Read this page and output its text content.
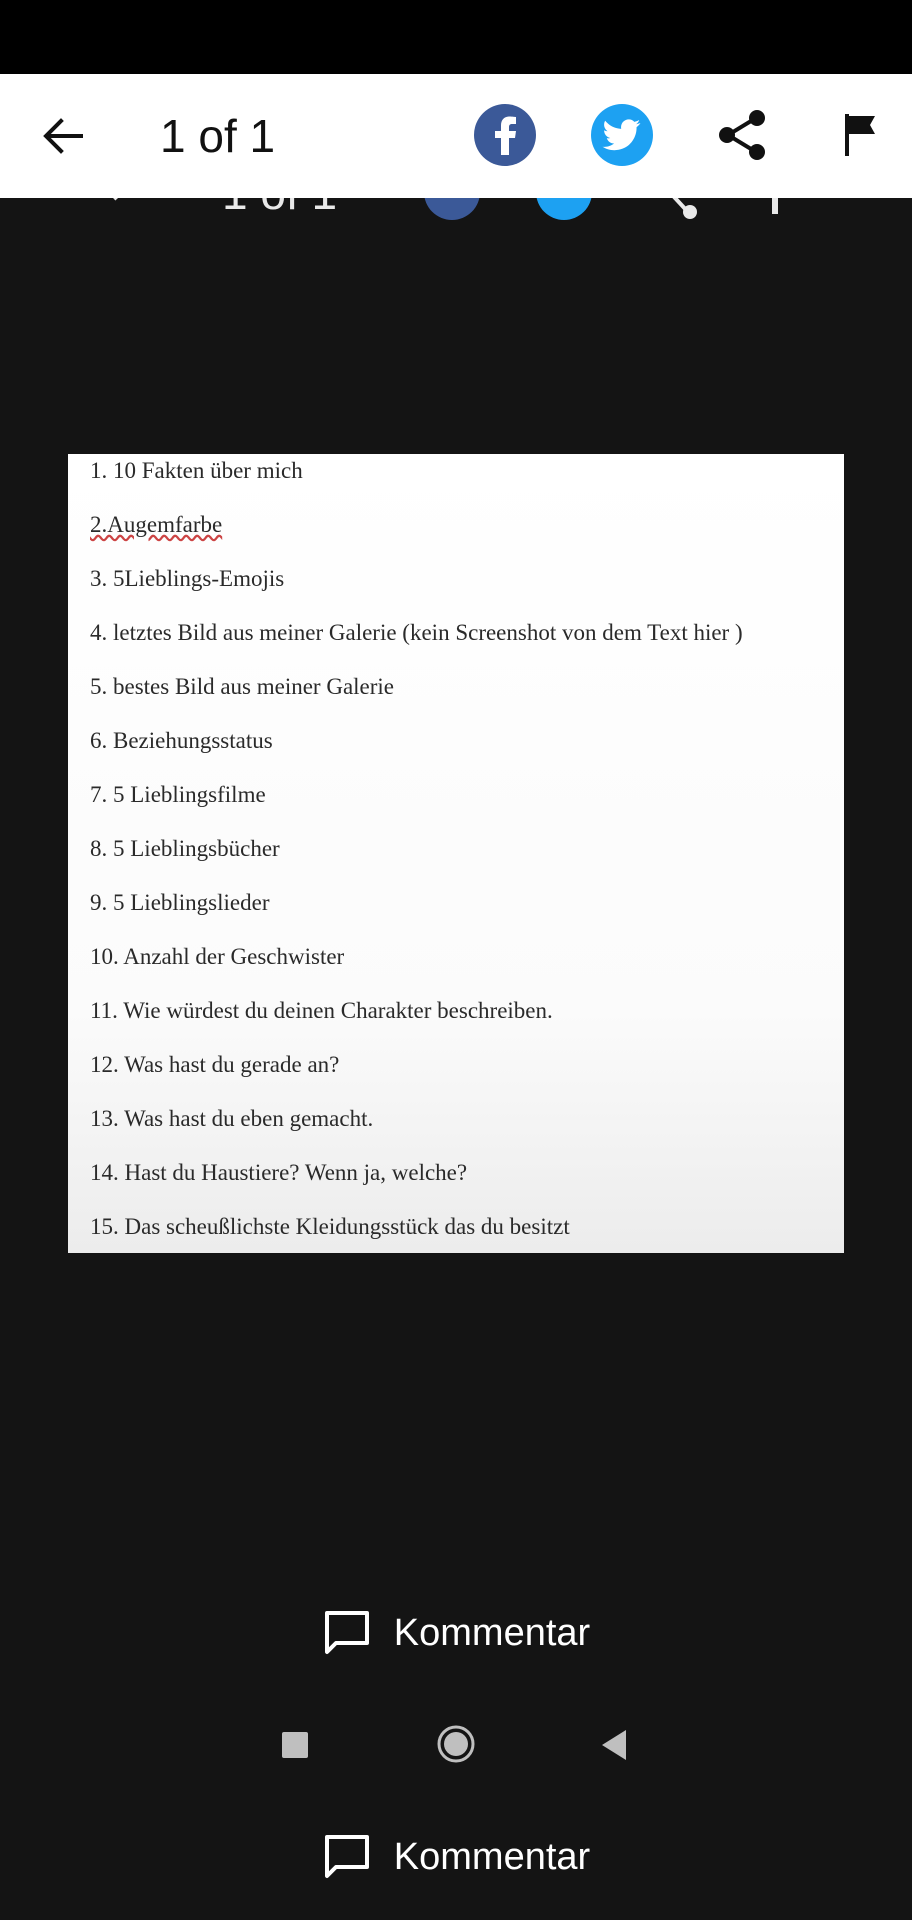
1 of 1
1. 10 Fakten über mich
2.Augemfarbe
3. 5Lieblings-Emojis
4. letztes Bild aus meiner Galerie (kein Screenshot von dem Text hier )
5. bestes Bild aus meiner Galerie
6. Beziehungsstatus
7. 5 Lieblingsfilme
8. 5 Lieblingsbücher
9. 5 Lieblingslieder
10. Anzahl der Geschwister
11. Wie würdest du deinen Charakter beschreiben.
12. Was hast du gerade an?
13. Was hast du eben gemacht.
14. Hast du Haustiere? Wenn ja, welche?
15. Das scheußlichste Kleidungsstück das du besitzt
Kommentar
Kommentar
